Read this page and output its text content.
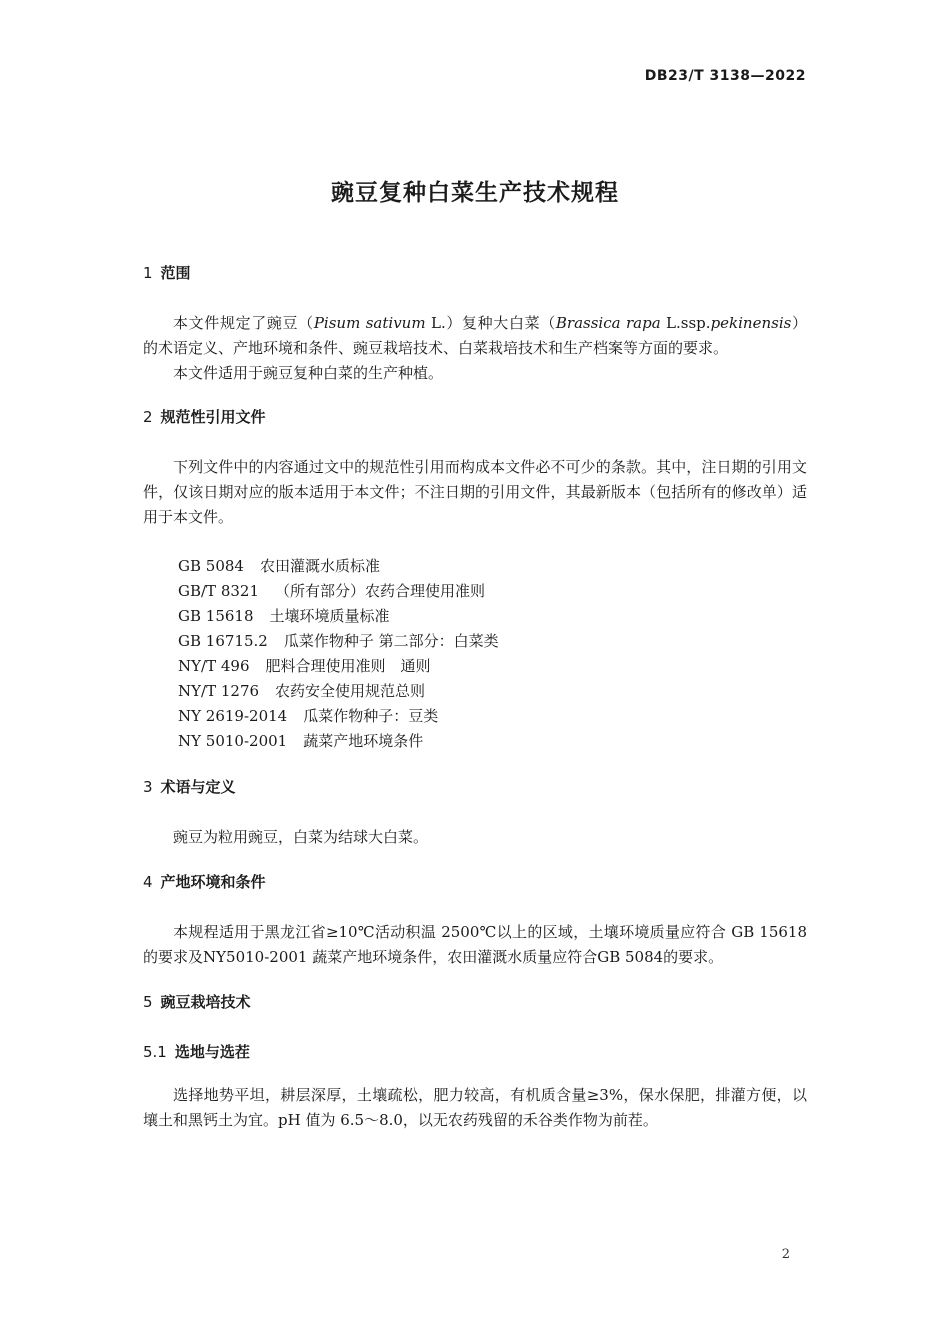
DB23/T 3138—2022
豌豆复种白菜生产技术规程
1 范围

本文件规定了豌豆（Pisum sativum L.）复种大白菜（Brassica rapa L.ssp.pekinensis）的术语定义、产地环境和条件、豌豆栽培技术、白菜栽培技术和生产档案等方面的要求。

本文件适用于豌豆复种白菜的生产种植。

2 规范性引用文件

下列文件中的内容通过文中的规范性引用而构成本文件必不可少的条款。其中，注日期的引用文件，仅该日期对应的版本适用于本文件；不注日期的引用文件，其最新版本（包括所有的修改单）适用于本文件。

GB 5084 农田灌溉水质标准
GB/T 8321 （所有部分）农药合理使用准则
GB 15618 土壤环境质量标准
GB 16715.2 瓜菜作物种子 第二部分：白菜类
NY/T 496 肥料合理使用准则　通则
NY/T 1276 农药安全使用规范总则
NY 2619-2014 瓜菜作物种子：豆类
NY 5010-2001 蔬菜产地环境条件
3 术语与定义

豌豆为粒用豌豆，白菜为结球大白菜。

4 产地环境和条件

本规程适用于黑龙江省≥10℃活动积温 2500℃以上的区域，土壤环境质量应符合 GB 15618的要求及NY5010-2001 蔬菜产地环境条件，农田灌溉水质量应符合GB 5084的要求。

5 豌豆栽培技术
5.1 选地与选茬

选择地势平坦，耕层深厚，土壤疏松，肥力较高，有机质含量≥3%，保水保肥，排灌方便，以壤土和黑钙土为宜。pH 值为 6.5～8.0，以无农药残留的禾谷类作物为前茬。

2
